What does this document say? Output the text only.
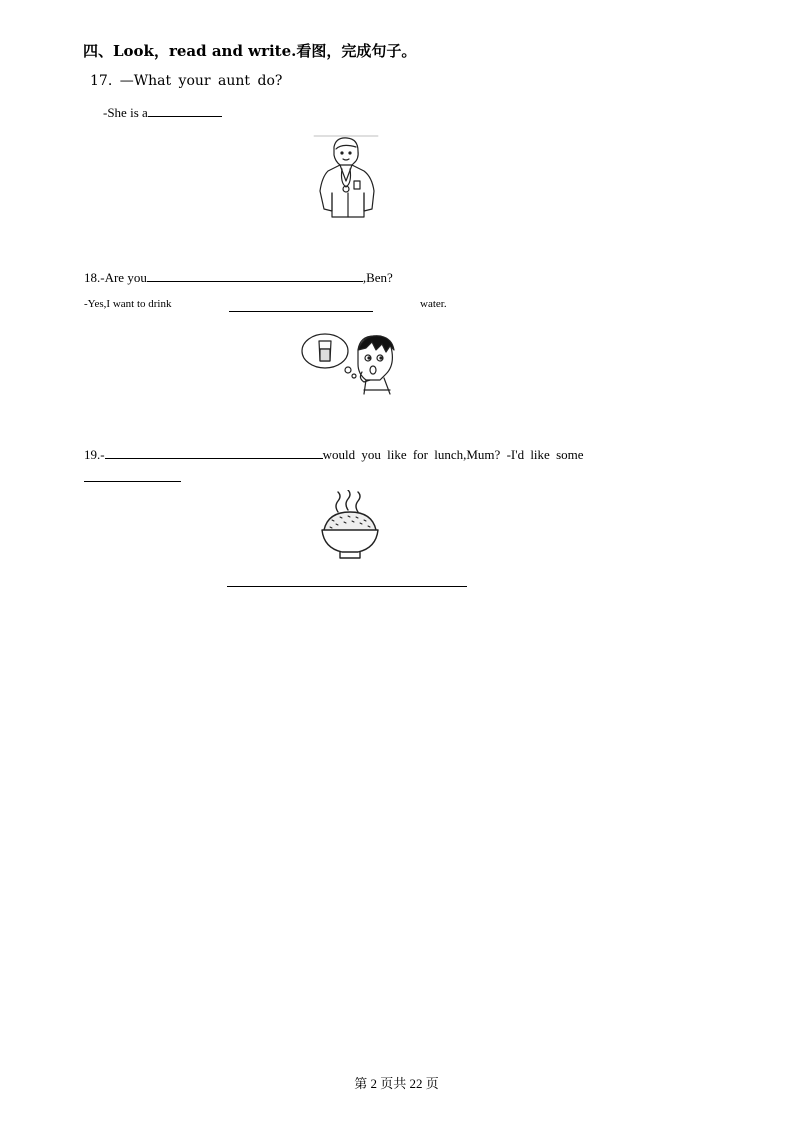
四、Look，read and write.看图，完成句子。
17. —What your aunt do?
-She is a
18.-Are you	,Ben?
-Yes,I want to drink	water.
19.-	would you like for lunch,Mum? -I'd like some
第 2 页共 22 页
